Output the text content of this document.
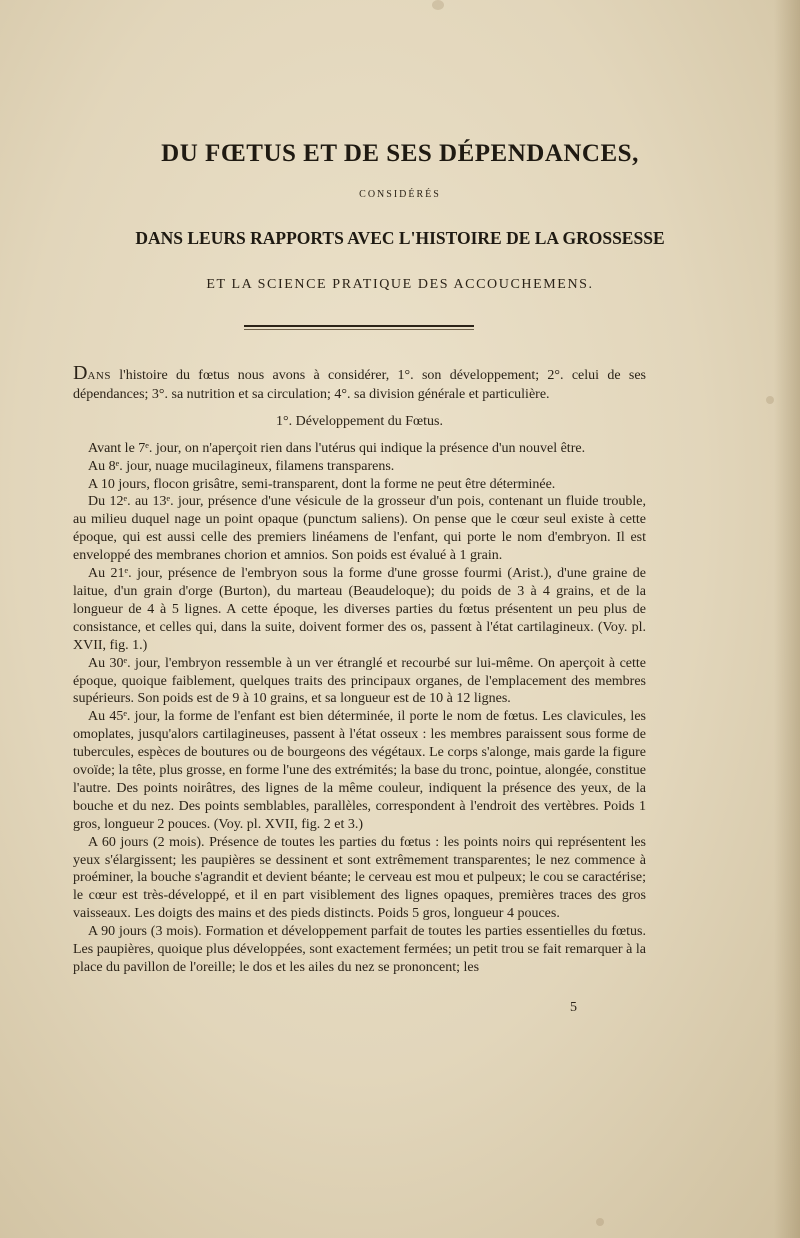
DU FŒTUS ET DE SES DÉPENDANCES,
CONSIDÉRÉS
DANS LEURS RAPPORTS AVEC L'HISTOIRE DE LA GROSSESSE
ET LA SCIENCE PRATIQUE DES ACCOUCHEMENS.

DANS l'histoire du fœtus nous avons à considérer, 1°. son développement; 2°. celui de ses dépendances; 3°. sa nutrition et sa circulation; 4°. sa division générale et particulière.

1°. Développement du Fœtus.

Avant le 7ᵉ. jour, on n'aperçoit rien dans l'utérus qui indique la présence d'un nouvel être.

Au 8ᵉ. jour, nuage mucilagineux, filamens transparens.

A 10 jours, flocon grisâtre, semi-transparent, dont la forme ne peut être déterminée.

Du 12ᵉ. au 13ᵉ. jour, présence d'une vésicule de la grosseur d'un pois, contenant un fluide trouble, au milieu duquel nage un point opaque (punctum saliens). On pense que le cœur seul existe à cette époque, qui est aussi celle des premiers linéamens de l'enfant, qui porte le nom d'embryon. Il est enveloppé des membranes chorion et amnios. Son poids est évalué à 1 grain.

Au 21ᵉ. jour, présence de l'embryon sous la forme d'une grosse fourmi (Arist.), d'une graine de laitue, d'un grain d'orge (Burton), du marteau (Beaudeloque); du poids de 3 à 4 grains, et de la longueur de 4 à 5 lignes. A cette époque, les diverses parties du fœtus présentent un peu plus de consistance, et celles qui, dans la suite, doivent former des os, passent à l'état cartilagineux. (Voy. pl. XVII, fig. 1.)

Au 30ᵉ. jour, l'embryon ressemble à un ver étranglé et recourbé sur lui-même. On aperçoit à cette époque, quoique faiblement, quelques traits des principaux organes, de l'emplacement des membres supérieurs. Son poids est de 9 à 10 grains, et sa longueur est de 10 à 12 lignes.

Au 45ᵉ. jour, la forme de l'enfant est bien déterminée, il porte le nom de fœtus. Les clavicules, les omoplates, jusqu'alors cartilagineuses, passent à l'état osseux : les membres paraissent sous forme de tubercules, espèces de boutures ou de bourgeons des végétaux. Le corps s'alonge, mais garde la figure ovoïde; la tête, plus grosse, en forme l'une des extrémités; la base du tronc, pointue, alongée, constitue l'autre. Des points noirâtres, des lignes de la même couleur, indiquent la présence des yeux, de la bouche et du nez. Des points semblables, parallèles, correspondent à l'endroit des vertèbres. Poids 1 gros, longueur 2 pouces. (Voy. pl. XVII, fig. 2 et 3.)

A 60 jours (2 mois). Présence de toutes les parties du fœtus : les points noirs qui représentent les yeux s'élargissent; les paupières se dessinent et sont extrêmement transparentes; le nez commence à proéminer, la bouche s'agrandit et devient béante; le cerveau est mou et pulpeux; le cou se caractérise; le cœur est très-développé, et il en part visiblement des lignes opaques, premières traces des gros vaisseaux. Les doigts des mains et des pieds distincts. Poids 5 gros, longueur 4 pouces.

A 90 jours (3 mois). Formation et développement parfait de toutes les parties essentielles du fœtus. Les paupières, quoique plus développées, sont exactement fermées; un petit trou se fait remarquer à la place du pavillon de l'oreille; le dos et les ailes du nez se prononcent; les

5
